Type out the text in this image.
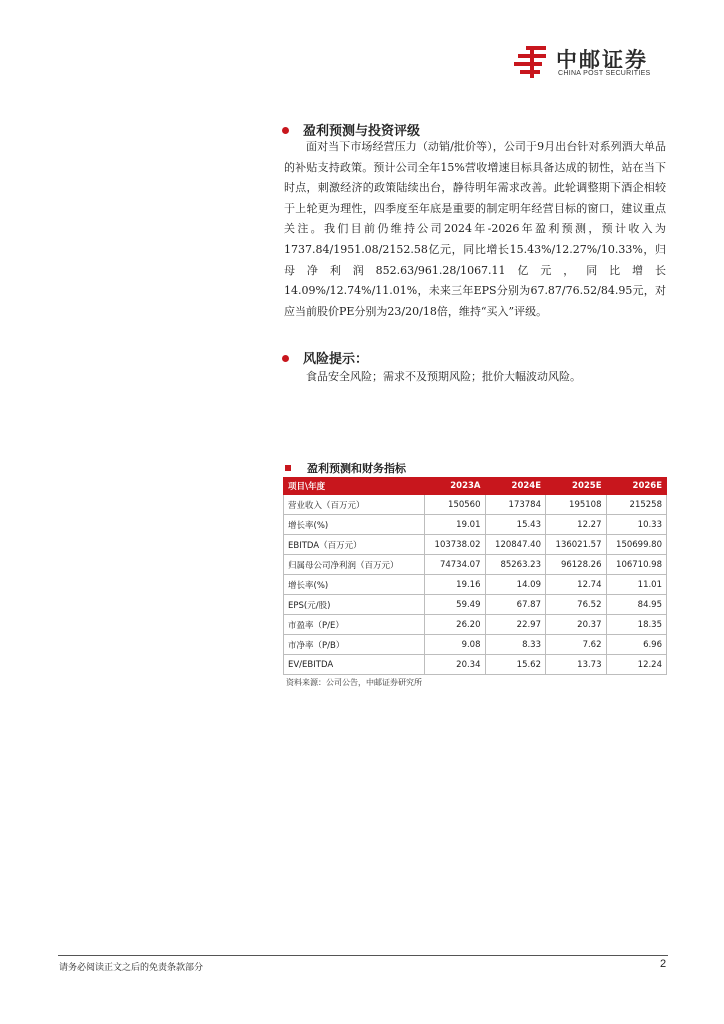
中邮证券
CHINA POST SECURITIES
盈利预测与投资评级

面对当下市场经营压力（动销/批价等），公司于9月出台针对系列酒大单品的补贴支持政策。预计公司全年15%营收增速目标具备达成的韧性，站在当下时点，刺激经济的政策陆续出台，静待明年需求改善。此轮调整期下酒企相较于上轮更为理性，四季度至年底是重要的制定明年经营目标的窗口，建议重点关注。我们目前仍维持公司2024年-2026年盈利预测，预计收入为1737.84/1951.08/2152.58亿元，同比增长15.43%/12.27%/10.33%，归母净利润852.63/961.28/1067.11亿元，同比增长14.09%/12.74%/11.01%，未来三年EPS分别为67.87/76.52/84.95元，对应当前股价PE分别为23/20/18倍，维持“买入”评级。

风险提示：

食品安全风险；需求不及预期风险；批价大幅波动风险。

盈利预测和财务指标
项目\年度	2023A	2024E	2025E	2026E
营业收入（百万元）	150560	173784	195108	215258
增长率(%)	19.01	15.43	12.27	10.33
EBITDA（百万元）	103738.02	120847.40	136021.57	150699.80
归属母公司净利润（百万元）	74734.07	85263.23	96128.26	106710.98
增长率(%)	19.16	14.09	12.74	11.01
EPS(元/股)	59.49	67.87	76.52	84.95
市盈率（P/E）	26.20	22.97	20.37	18.35
市净率（P/B）	9.08	8.33	7.62	6.96
EV/EBITDA	20.34	15.62	13.73	12.24
资料来源：公司公告，中邮证券研究所
请务必阅读正文之后的免责条款部分	2
